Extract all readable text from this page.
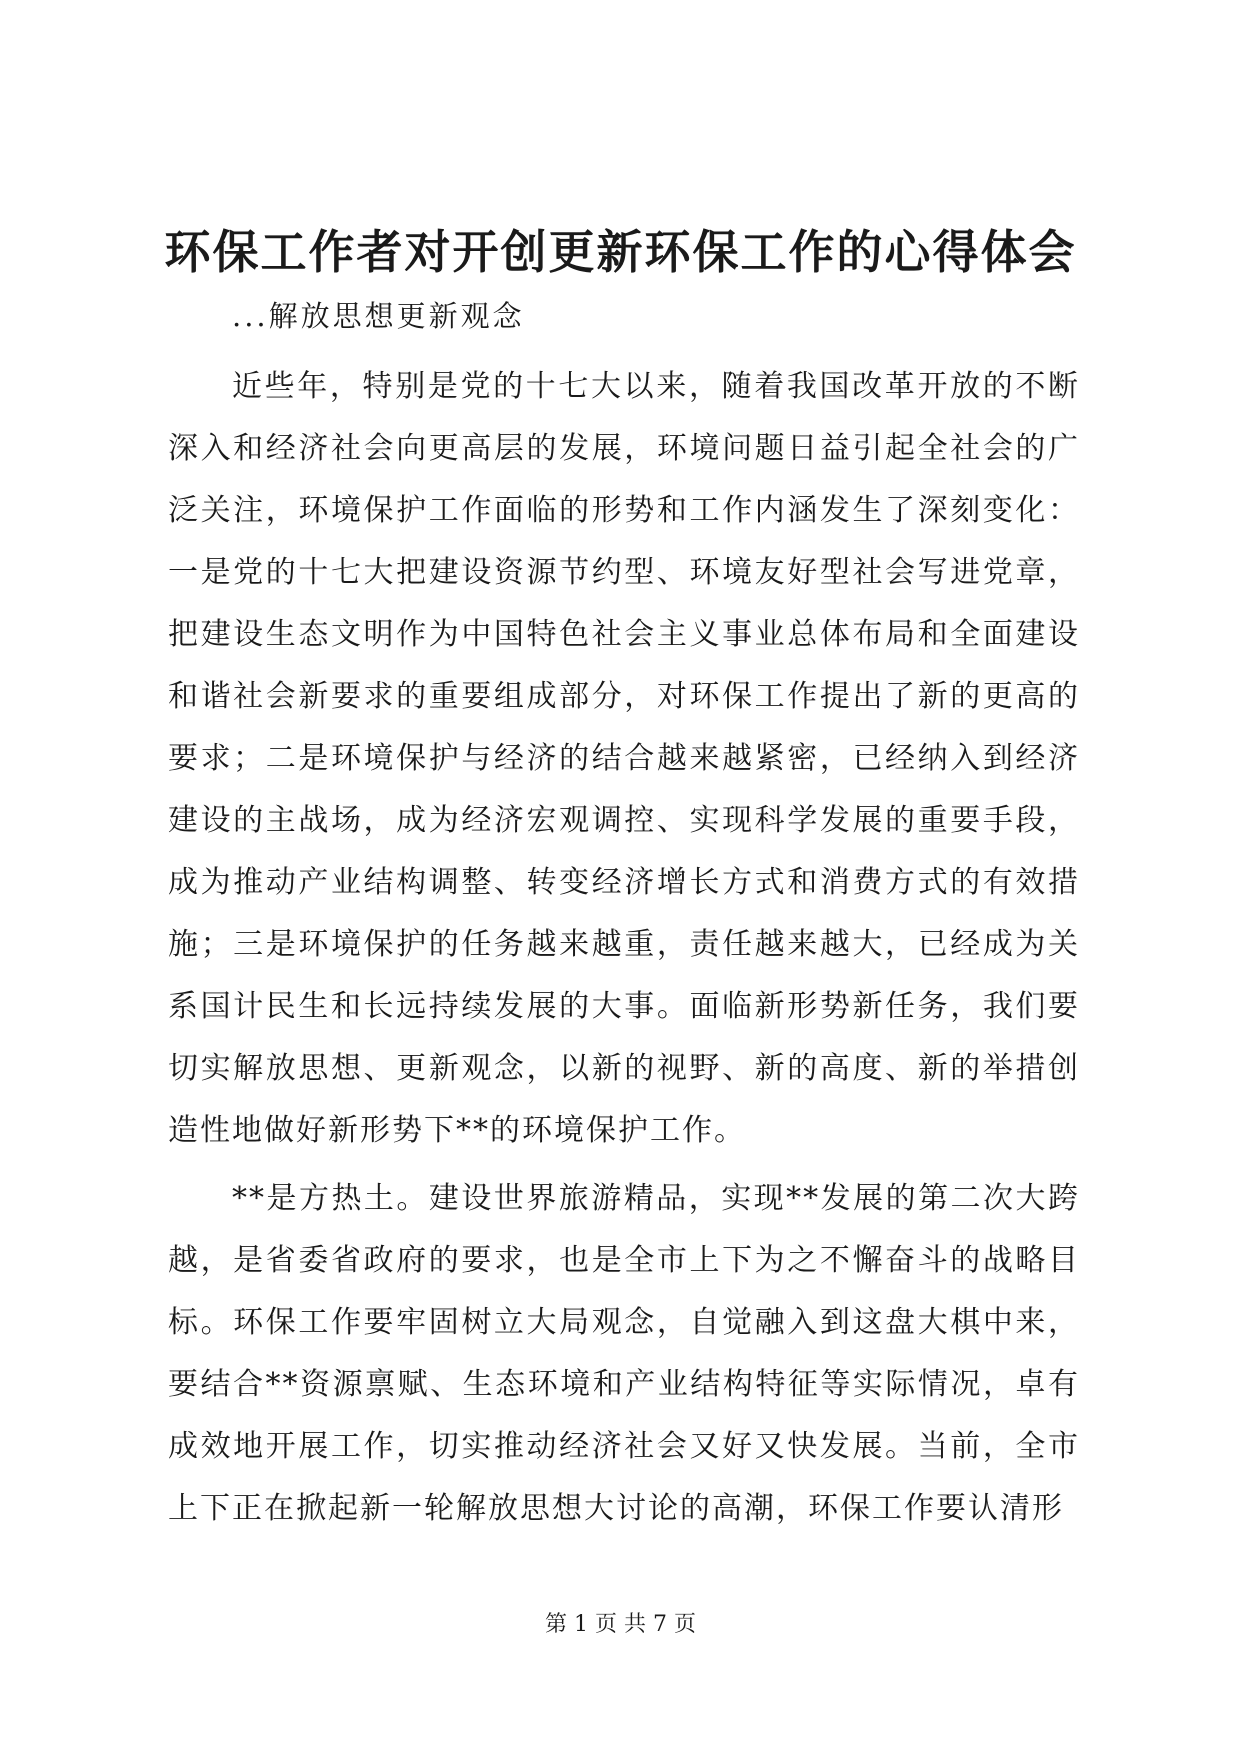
环保工作者对开创更新环保工作的心得体会
...解放思想更新观念

近些年，特别是党的十七大以来，随着我国改革开放的不断深入和经济社会向更高层的发展，环境问题日益引起全社会的广泛关注，环境保护工作面临的形势和工作内涵发生了深刻变化：一是党的十七大把建设资源节约型、环境友好型社会写进党章，把建设生态文明作为中国特色社会主义事业总体布局和全面建设和谐社会新要求的重要组成部分，对环保工作提出了新的更高的要求；二是环境保护与经济的结合越来越紧密，已经纳入到经济建设的主战场，成为经济宏观调控、实现科学发展的重要手段，成为推动产业结构调整、转变经济增长方式和消费方式的有效措施；三是环境保护的任务越来越重，责任越来越大，已经成为关系国计民生和长远持续发展的大事。面临新形势新任务，我们要切实解放思想、更新观念，以新的视野、新的高度、新的举措创造性地做好新形势下**的环境保护工作。

**是方热土。建设世界旅游精品，实现**发展的第二次大跨越，是省委省政府的要求，也是全市上下为之不懈奋斗的战略目标。环保工作要牢固树立大局观念，自觉融入到这盘大棋中来，要结合**资源禀赋、生态环境和产业结构特征等实际情况，卓有成效地开展工作，切实推动经济社会又好又快发展。当前，全市上下正在掀起新一轮解放思想大讨论的高潮，环保工作要认清形

第 1 页 共 7 页
